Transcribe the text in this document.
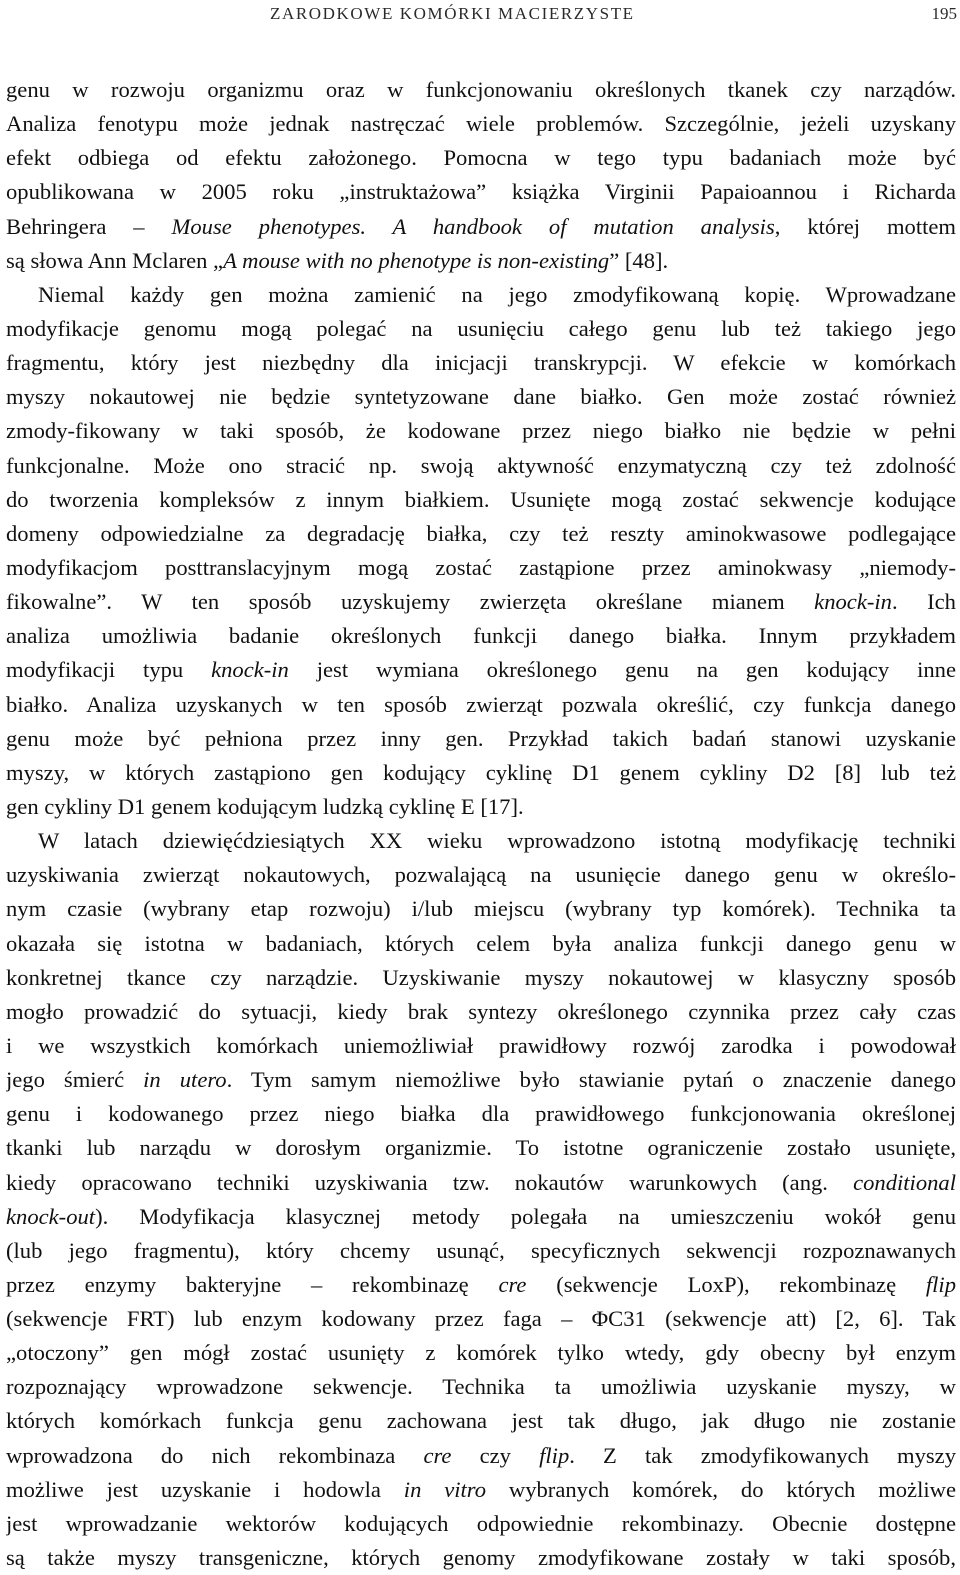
ZARODKOWE KOMÓRKI MACIERZYSTE	195
genu w rozwoju organizmu oraz w funkcjonowaniu określonych tkanek czy narządów.
Analiza fenotypu może jednak nastręczać wiele problemów. Szczególnie, jeżeli uzyskany
efekt odbiega od efektu założonego. Pomocna w tego typu badaniach może być
opublikowana w 2005 roku „instruktażowa” książka Virginii Papaioannou i Richarda
Behringera – Mouse phenotypes. A handbook of mutation analysis, której mottem
są słowa Ann Mclaren „A mouse with no phenotype is non-existing” [48].
Niemal każdy gen można zamienić na jego zmodyfikowaną kopię. Wprowadzane
modyfikacje genomu mogą polegać na usunięciu całego genu lub też takiego jego
fragmentu, który jest niezbędny dla inicjacji transkrypcji. W efekcie w komórkach
myszy nokautowej nie będzie syntetyzowane dane białko. Gen może zostać również
zmody-fikowany w taki sposób, że kodowane przez niego białko nie będzie w pełni
funkcjonalne. Może ono stracić np. swoją aktywność enzymatyczną czy też zdolność
do tworzenia kompleksów z innym białkiem. Usunięte mogą zostać sekwencje kodujące
domeny odpowiedzialne za degradację białka, czy też reszty aminokwasowe podlegające
modyfikacjom posttranslacyjnym mogą zostać zastąpione przez aminokwasy „niemody-
fikowalne”. W ten sposób uzyskujemy zwierzęta określane mianem knock-in. Ich
analiza umożliwia badanie określonych funkcji danego białka. Innym przykładem
modyfikacji typu knock-in jest wymiana określonego genu na gen kodujący inne
białko. Analiza uzyskanych w ten sposób zwierząt pozwala określić, czy funkcja danego
genu może być pełniona przez inny gen. Przykład takich badań stanowi uzyskanie
myszy, w których zastąpiono gen kodujący cyklinę D1 genem cykliny D2 [8] lub też
gen cykliny D1 genem kodującym ludzką cyklinę E [17].
W latach dziewięćdziesiątych XX wieku wprowadzono istotną modyfikację techniki
uzyskiwania zwierząt nokautowych, pozwalającą na usunięcie danego genu w określo-
nym czasie (wybrany etap rozwoju) i/lub miejscu (wybrany typ komórek). Technika ta
okazała się istotna w badaniach, których celem była analiza funkcji danego genu w
konkretnej tkance czy narządzie. Uzyskiwanie myszy nokautowej w klasyczny sposób
mogło prowadzić do sytuacji, kiedy brak syntezy określonego czynnika przez cały czas
i we wszystkich komórkach uniemożliwiał prawidłowy rozwój zarodka i powodował
jego śmierć in utero. Tym samym niemożliwe było stawianie pytań o znaczenie danego
genu i kodowanego przez niego białka dla prawidłowego funkcjonowania określonej
tkanki lub narządu w dorosłym organizmie. To istotne ograniczenie zostało usunięte,
kiedy opracowano techniki uzyskiwania tzw. nokautów warunkowych (ang. conditional
knock-out). Modyfikacja klasycznej metody polegała na umieszczeniu wokół genu
(lub jego fragmentu), który chcemy usunąć, specyficznych sekwencji rozpoznawanych
przez enzymy bakteryjne – rekombinazę cre (sekwencje LoxP), rekombinazę flip
(sekwencje FRT) lub enzym kodowany przez faga – ΦC31 (sekwencje att) [2, 6]. Tak
„otoczony” gen mógł zostać usunięty z komórek tylko wtedy, gdy obecny był enzym
rozpoznający wprowadzone sekwencje. Technika ta umożliwia uzyskanie myszy, w
których komórkach funkcja genu zachowana jest tak długo, jak długo nie zostanie
wprowadzona do nich rekombinaza cre czy flip. Z tak zmodyfikowanych myszy
możliwe jest uzyskanie i hodowla in vitro wybranych komórek, do których możliwe
jest wprowadzanie wektorów kodujących odpowiednie rekombinazy. Obecnie dostępne
są także myszy transgeniczne, których genomy zmodyfikowane zostały w taki sposób,
